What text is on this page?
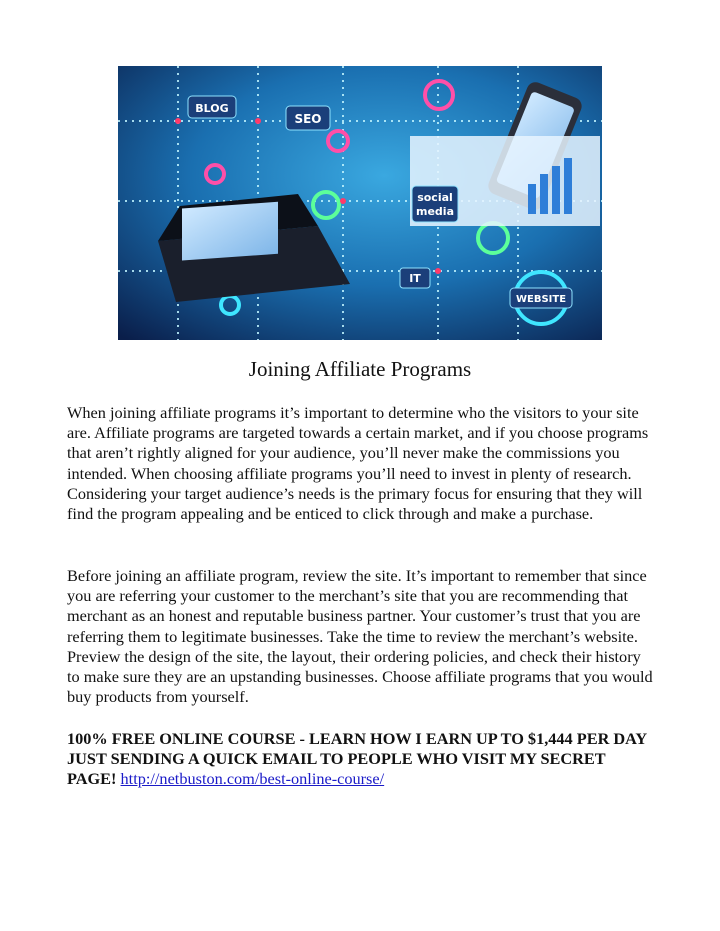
BLOG
SEO
social
media
IT
WEBSITE
Joining Affiliate Programs

When joining affiliate programs it’s important to determine who the visitors to your site are. Affiliate programs are targeted towards a certain market, and if you choose programs that aren’t rightly aligned for your audience, you’ll never make the commissions you intended. When choosing affiliate programs you’ll need to invest in plenty of research. Considering your target audience’s needs is the primary focus for ensuring that they will find the program appealing and be enticed to click through and make a purchase.

Before joining an affiliate program, review the site. It’s important to remember that since you are referring your customer to the merchant’s site that you are recommending that merchant as an honest and reputable business partner. Your customer’s trust that you are referring them to legitimate businesses. Take the time to review the merchant’s website. Preview the design of the site, the layout, their ordering policies, and check their history to make sure they are an upstanding businesses. Choose affiliate programs that you would buy products from yourself.

100% FREE ONLINE COURSE - LEARN HOW I EARN UP TO $1,444 PER DAY JUST SENDING A QUICK EMAIL TO PEOPLE WHO VISIT MY SECRET PAGE! http://netbuston.com/best-online-course/
